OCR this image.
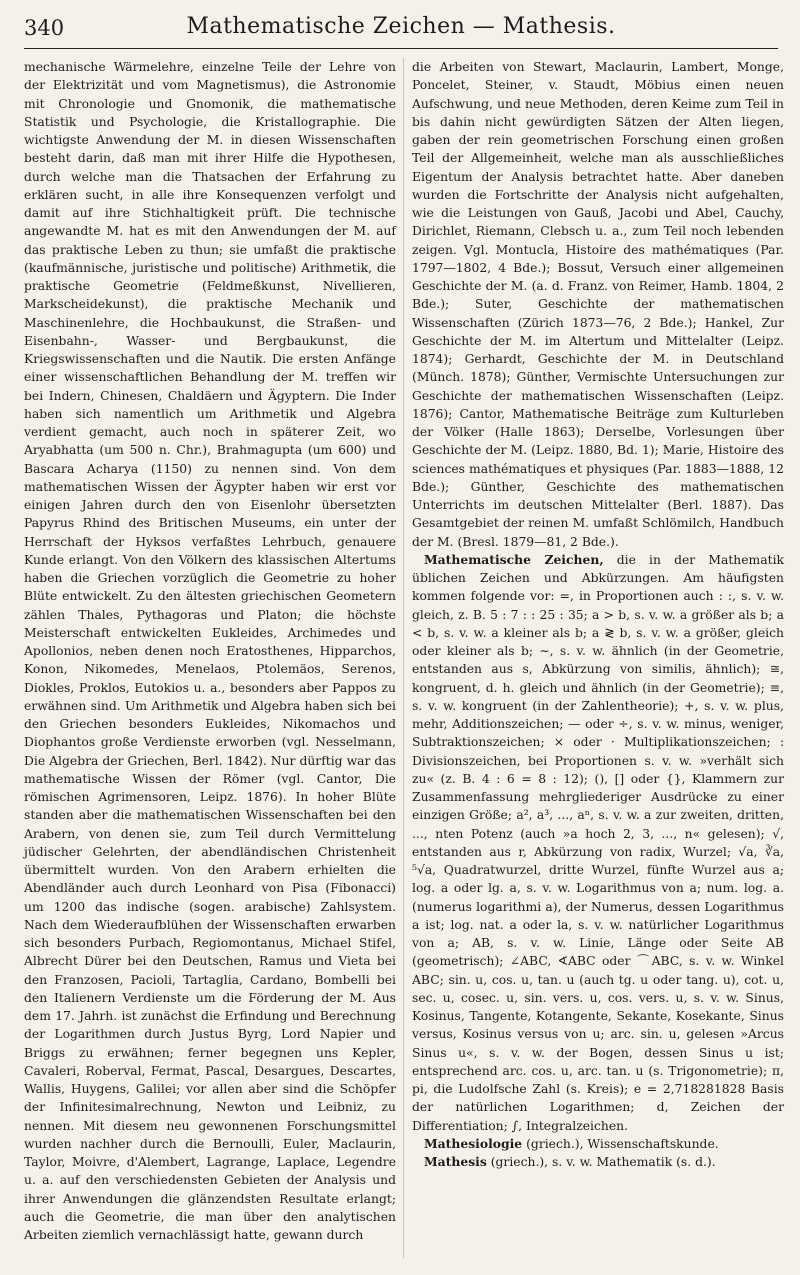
340	Mathematische Zeichen — Mathesis.

mechanische Wärmelehre, einzelne Teile der Lehre von der Elektrizität und vom Magnetismus), die Astronomie mit Chronologie und Gnomonik, die mathematische Statistik und Psychologie, die Kristallographie. Die wichtigste Anwendung der M. in diesen Wissenschaften besteht darin, daß man mit ihrer Hilfe die Hypothesen, durch welche man die Thatsachen der Erfahrung zu erklären sucht, in alle ihre Konsequenzen verfolgt und damit auf ihre Stichhaltigkeit prüft. Die technische angewandte M. hat es mit den Anwendungen der M. auf das praktische Leben zu thun; sie umfaßt die praktische (kaufmännische, juristische und politische) Arithmetik, die praktische Geometrie (Feldmeßkunst, Nivellieren, Markscheidekunst), die praktische Mechanik und Maschinenlehre, die Hochbaukunst, die Straßen- und Eisenbahn-, Wasser- und Bergbaukunst, die Kriegswissenschaften und die Nautik. Die ersten Anfänge einer wissenschaftlichen Behandlung der M. treffen wir bei Indern, Chinesen, Chaldäern und Ägyptern. Die Inder haben sich namentlich um Arithmetik und Algebra verdient gemacht, auch noch in späterer Zeit, wo Aryabhatta (um 500 n. Chr.), Brahmagupta (um 600) und Bascara Acharya (1150) zu nennen sind. Von dem mathematischen Wissen der Ägypter haben wir erst vor einigen Jahren durch den von Eisenlohr übersetzten Papyrus Rhind des Britischen Museums, ein unter der Herrschaft der Hyksos verfaßtes Lehrbuch, genauere Kunde erlangt. Von den Völkern des klassischen Altertums haben die Griechen vorzüglich die Geometrie zu hoher Blüte entwickelt. Zu den ältesten griechischen Geometern zählen Thales, Pythagoras und Platon; die höchste Meisterschaft entwickelten Eukleides, Archimedes und Apollonios, neben denen noch Eratosthenes, Hipparchos, Konon, Nikomedes, Menelaos, Ptolemäos, Serenos, Diokles, Proklos, Eutokios u. a., besonders aber Pappos zu erwähnen sind. Um Arithmetik und Algebra haben sich bei den Griechen besonders Eukleides, Nikomachos und Diophantos große Verdienste erworben (vgl. Nesselmann, Die Algebra der Griechen, Berl. 1842). Nur dürftig war das mathematische Wissen der Römer (vgl. Cantor, Die römischen Agrimensoren, Leipz. 1876). In hoher Blüte standen aber die mathematischen Wissenschaften bei den Arabern, von denen sie, zum Teil durch Vermittelung jüdischer Gelehrten, der abendländischen Christenheit übermittelt wurden. Von den Arabern erhielten die Abendländer auch durch Leonhard von Pisa (Fibonacci) um 1200 das indische (sogen. arabische) Zahlsystem. Nach dem Wiederaufblühen der Wissenschaften erwarben sich besonders Purbach, Regiomontanus, Michael Stifel, Albrecht Dürer bei den Deutschen, Ramus und Vieta bei den Franzosen, Pacioli, Tartaglia, Cardano, Bombelli bei den Italienern Verdienste um die Förderung der M. Aus dem 17. Jahrh. ist zunächst die Erfindung und Berechnung der Logarithmen durch Justus Byrg, Lord Napier und Briggs zu erwähnen; ferner begegnen uns Kepler, Cavaleri, Roberval, Fermat, Pascal, Desargues, Descartes, Wallis, Huygens, Galilei; vor allen aber sind die Schöpfer der Infinitesimalrechnung, Newton und Leibniz, zu nennen. Mit diesem neu gewonnenen Forschungsmittel wurden nachher durch die Bernoulli, Euler, Maclaurin, Taylor, Moivre, d'Alembert, Lagrange, Laplace, Legendre u. a. auf den verschiedensten Gebieten der Analysis und ihrer Anwendungen die glänzendsten Resultate erlangt; auch die Geometrie, die man über den analytischen Arbeiten ziemlich vernachlässigt hatte, gewann durch

die Arbeiten von Stewart, Maclaurin, Lambert, Monge, Poncelet, Steiner, v. Staudt, Möbius einen neuen Aufschwung, und neue Methoden, deren Keime zum Teil in bis dahin nicht gewürdigten Sätzen der Alten liegen, gaben der rein geometrischen Forschung einen großen Teil der Allgemeinheit, welche man als ausschließliches Eigentum der Analysis betrachtet hatte. Aber daneben wurden die Fortschritte der Analysis nicht aufgehalten, wie die Leistungen von Gauß, Jacobi und Abel, Cauchy, Dirichlet, Riemann, Clebsch u. a., zum Teil noch lebenden zeigen. Vgl. Montucla, Histoire des mathématiques (Par. 1797—1802, 4 Bde.); Bossut, Versuch einer allgemeinen Geschichte der M. (a. d. Franz. von Reimer, Hamb. 1804, 2 Bde.); Suter, Geschichte der mathematischen Wissenschaften (Zürich 1873—76, 2 Bde.); Hankel, Zur Geschichte der M. im Altertum und Mittelalter (Leipz. 1874); Gerhardt, Geschichte der M. in Deutschland (Münch. 1878); Günther, Vermischte Untersuchungen zur Geschichte der mathematischen Wissenschaften (Leipz. 1876); Cantor, Mathematische Beiträge zum Kulturleben der Völker (Halle 1863); Derselbe, Vorlesungen über Geschichte der M. (Leipz. 1880, Bd. 1); Marie, Histoire des sciences mathématiques et physiques (Par. 1883—1888, 12 Bde.); Günther, Geschichte des mathematischen Unterrichts im deutschen Mittelalter (Berl. 1887). Das Gesamtgebiet der reinen M. umfaßt Schlömilch, Handbuch der M. (Bresl. 1879—81, 2 Bde.).

Mathematische Zeichen, die in der Mathematik üblichen Zeichen und Abkürzungen. Am häufigsten kommen folgende vor: =, in Proportionen auch : :, s. v. w. gleich, z. B. 5 : 7 : : 25 : 35; a > b, s. v. w. a größer als b; a < b, s. v. w. a kleiner als b; a ≷ b, s. v. w. a größer, gleich oder kleiner als b; ∼, s. v. w. ähnlich (in der Geometrie, entstanden aus s, Abkürzung von similis, ähnlich); ≅, kongruent, d. h. gleich und ähnlich (in der Geometrie); ≡, s. v. w. kongruent (in der Zahlentheorie); +, s. v. w. plus, mehr, Additionszeichen; — oder ÷, s. v. w. minus, weniger, Subtraktionszeichen; × oder · Multiplikationszeichen; : Divisionszeichen, bei Proportionen s. v. w. »verhält sich zu« (z. B. 4 : 6 = 8 : 12); (), [] oder {}, Klammern zur Zusammenfassung mehrgliederiger Ausdrücke zu einer einzigen Größe; a², a³, ..., aⁿ, s. v. w. a zur zweiten, dritten, ..., nten Potenz (auch »a hoch 2, 3, ..., n« gelesen); √, entstanden aus r, Abkürzung von radix, Wurzel; √a, ∛a, ⁵√a, Quadratwurzel, dritte Wurzel, fünfte Wurzel aus a; log. a oder lg. a, s. v. w. Logarithmus von a; num. log. a. (numerus logarithmi a), der Numerus, dessen Logarithmus a ist; log. nat. a oder la, s. v. w. natürlicher Logarithmus von a; AB, s. v. w. Linie, Länge oder Seite AB (geometrisch); ∠ABC, ∢ABC oder ⌒ABC, s. v. w. Winkel ABC; sin. u, cos. u, tan. u (auch tg. u oder tang. u), cot. u, sec. u, cosec. u, sin. vers. u, cos. vers. u, s. v. w. Sinus, Kosinus, Tangente, Kotangente, Sekante, Kosekante, Sinus versus, Kosinus versus von u; arc. sin. u, gelesen »Arcus Sinus u«, s. v. w. der Bogen, dessen Sinus u ist; entsprechend arc. cos. u, arc. tan. u (s. Trigonometrie); π, pi, die Ludolfsche Zahl (s. Kreis); e = 2,718281828 Basis der natürlichen Logarithmen; d, Zeichen der Differentiation; ∫, Integralzeichen.

Mathesiologie (griech.), Wissenschaftskunde.

Mathesis (griech.), s. v. w. Mathematik (s. d.).
